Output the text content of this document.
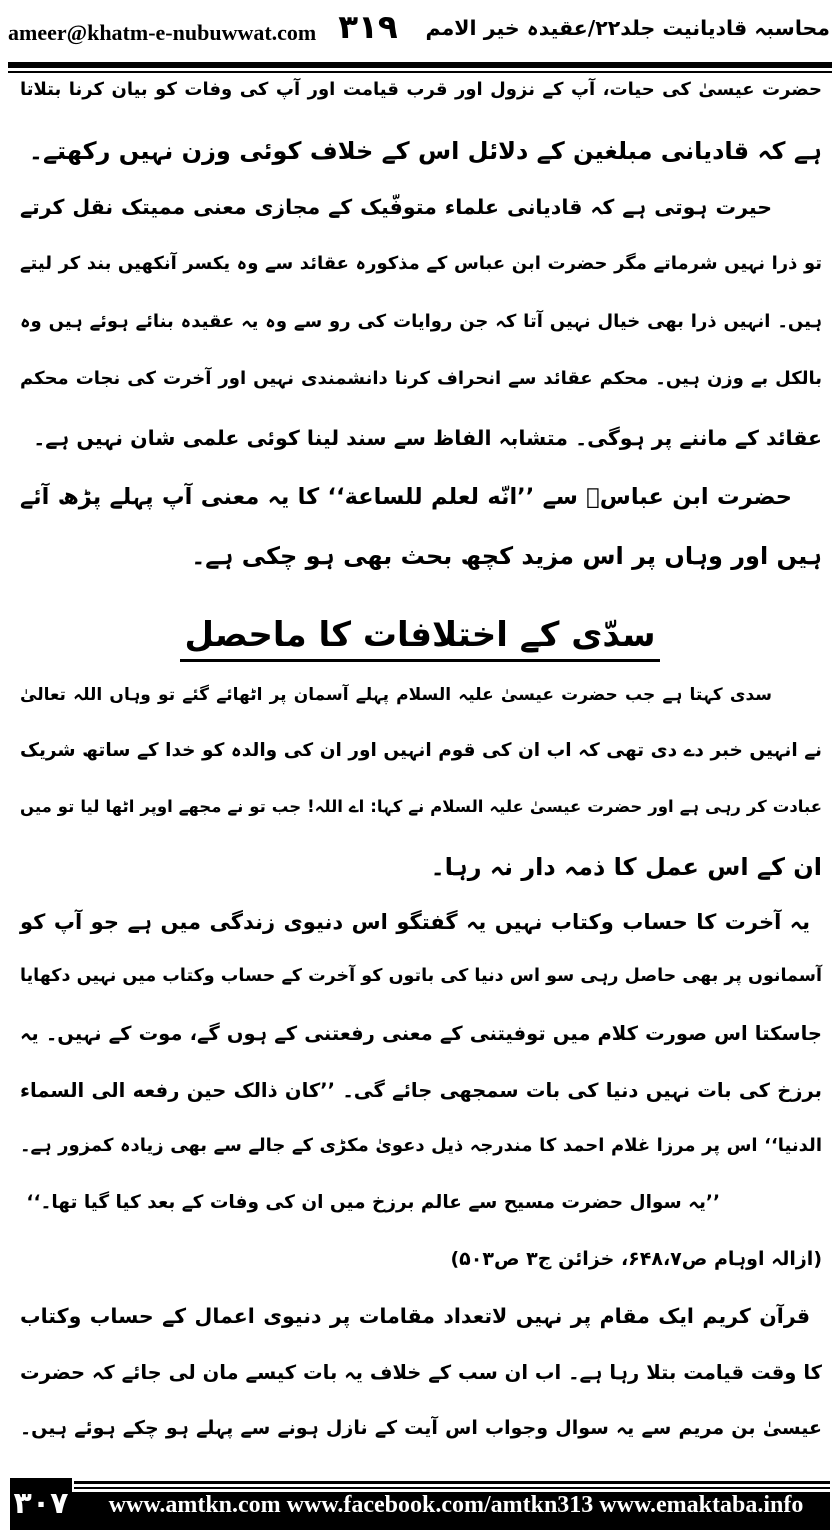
ameer@khatm-e-nubuwwat.com ۳۱۹ محاسبہ قادیانیت جلد۲۲/عقیدہ خیر الامم
حضرت عیسیٰ کی حیات، آپ کے نزول اور قرب قیامت اور آپ کی وفات کو بیان کرنا بتلاتا
ہے کہ قادیانی مبلغین کے دلائل اس کے خلاف کوئی وزن نہیں رکھتے۔
حیرت ہوتی ہے کہ قادیانی علماء متوفّیک کے مجازی معنی ممیتک نقل کرتے
تو ذرا نہیں شرماتے مگر حضرت ابن عباس کے مذکورہ عقائد سے وہ یکسر آنکھیں بند کر لیتے
ہیں۔ انہیں ذرا بھی خیال نہیں آتا کہ جن روایات کی رو سے وہ یہ عقیدہ بنائے ہوئے ہیں وہ
بالکل بے وزن ہیں۔ محکم عقائد سے انحراف کرنا دانشمندی نہیں اور آخرت کی نجات محکم
عقائد کے ماننے پر ہوگی۔ متشابہ الفاظ سے سند لینا کوئی علمی شان نہیں ہے۔
حضرت ابن عباسؓ سے ’’انّه لعلم للساعة‘‘ کا یہ معنی آپ پہلے پڑھ آئے
ہیں اور وہاں پر اس مزید کچھ بحث بھی ہو چکی ہے۔
سدّی کے اختلافات کا ماحصل
سدی کہتا ہے جب حضرت عیسیٰ علیہ السلام پہلے آسمان پر اٹھائے گئے تو وہاں اللہ تعالیٰ
نے انہیں خبر دے دی تھی کہ اب ان کی قوم انہیں اور ان کی والدہ کو خدا کے ساتھ شریک
عبادت کر رہی ہے اور حضرت عیسیٰ علیہ السلام نے کہا: اے اللہ! جب تو نے مجھے اوپر اٹھا لیا تو میں
ان کے اس عمل کا ذمہ دار نہ رہا۔
یہ آخرت کا حساب وکتاب نہیں یہ گفتگو اس دنیوی زندگی میں ہے جو آپ کو
آسمانوں پر بھی حاصل رہی سو اس دنیا کی باتوں کو آخرت کے حساب وکتاب میں نہیں دکھایا
جاسکتا اس صورت کلام میں توفیتنی کے معنی رفعتنی کے ہوں گے، موت کے نہیں۔ یہ
برزخ کی بات نہیں دنیا کی بات سمجھی جائے گی۔ ’’کان ذالک حین رفعه الی السماء
الدنیا‘‘ اس پر مرزا غلام احمد کا مندرجہ ذیل دعویٰ مکڑی کے جالے سے بھی زیادہ کمزور ہے۔
’’یہ سوال حضرت مسیح سے عالم برزخ میں ان کی وفات کے بعد کیا گیا تھا۔‘‘
(ازالہ اوہام ص۶۴۸،۷، خزائن ج۳ ص۵۰۳)
قرآن کریم ایک مقام پر نہیں لاتعداد مقامات پر دنیوی اعمال کے حساب وکتاب
کا وقت قیامت بتلا رہا ہے۔ اب ان سب کے خلاف یہ بات کیسے مان لی جائے کہ حضرت
عیسیٰ بن مریم سے یہ سوال وجواب اس آیت کے نازل ہونے سے پہلے ہو چکے ہوئے ہیں۔
۳۰۷	www.amtkn.com www.facebook.com/amtkn313 www.emaktaba.info
